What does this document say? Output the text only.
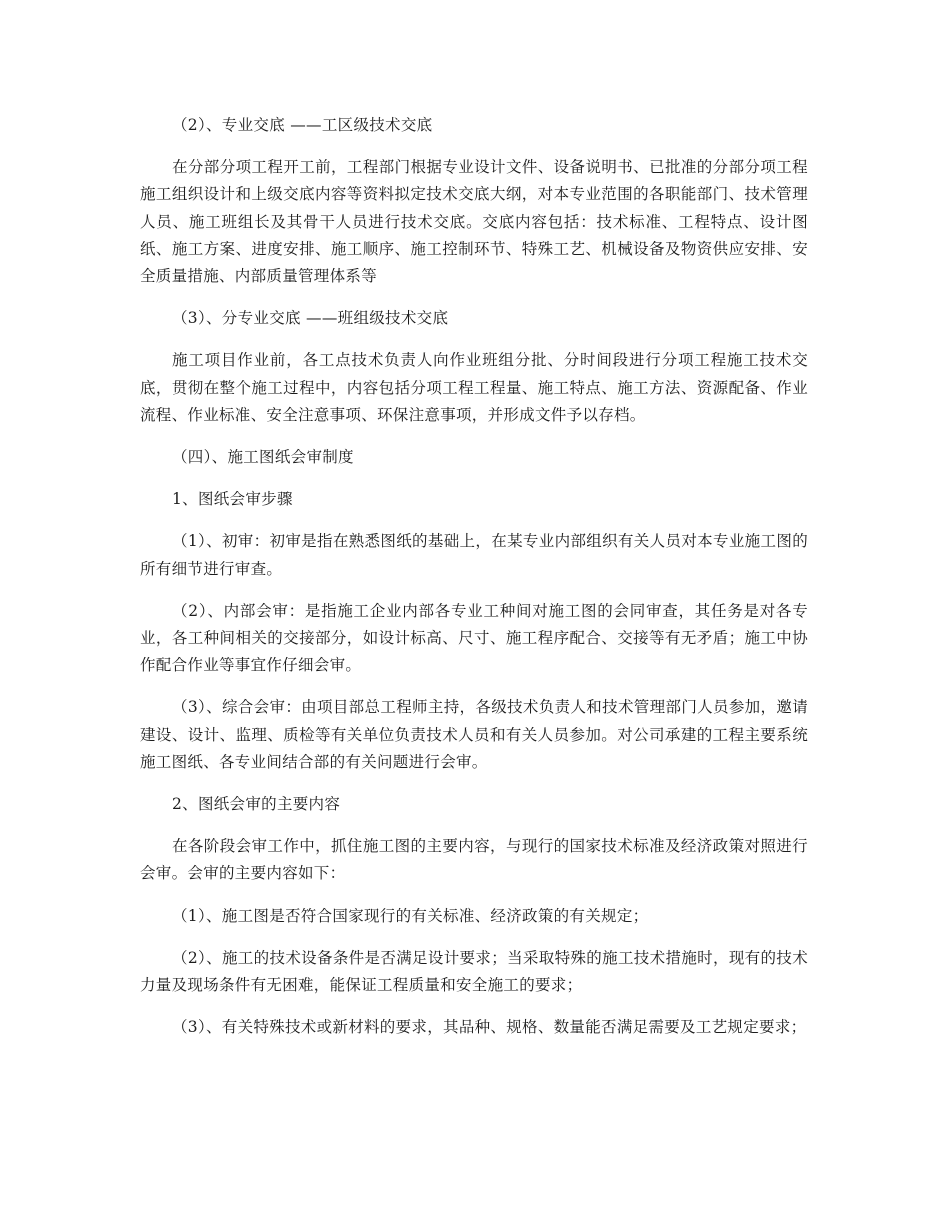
（2）、专业交底 ——工区级技术交底

在分部分项工程开工前，工程部门根据专业设计文件、设备说明书、已批准的分部分项工程施工组织设计和上级交底内容等资料拟定技术交底大纲，对本专业范围的各职能部门、技术管理人员、施工班组长及其骨干人员进行技术交底。交底内容包括：技术标准、工程特点、设计图纸、施工方案、进度安排、施工顺序、施工控制环节、特殊工艺、机械设备及物资供应安排、安全质量措施、内部质量管理体系等

（3）、分专业交底 ——班组级技术交底

施工项目作业前，各工点技术负责人向作业班组分批、分时间段进行分项工程施工技术交底，贯彻在整个施工过程中，内容包括分项工程工程量、施工特点、施工方法、资源配备、作业流程、作业标准、安全注意事项、环保注意事项，并形成文件予以存档。

（四）、施工图纸会审制度

1、图纸会审步骤

（1）、初审：初审是指在熟悉图纸的基础上，在某专业内部组织有关人员对本专业施工图的所有细节进行审查。

（2）、内部会审：是指施工企业内部各专业工种间对施工图的会同审查，其任务是对各专业，各工种间相关的交接部分，如设计标高、尺寸、施工程序配合、交接等有无矛盾；施工中协作配合作业等事宜作仔细会审。

（3）、综合会审：由项目部总工程师主持，各级技术负责人和技术管理部门人员参加，邀请建设、设计、监理、质检等有关单位负责技术人员和有关人员参加。对公司承建的工程主要系统施工图纸、各专业间结合部的有关问题进行会审。

2、图纸会审的主要内容

在各阶段会审工作中，抓住施工图的主要内容，与现行的国家技术标准及经济政策对照进行会审。会审的主要内容如下：

（1）、施工图是否符合国家现行的有关标准、经济政策的有关规定；

（2）、施工的技术设备条件是否满足设计要求；当采取特殊的施工技术措施时，现有的技术力量及现场条件有无困难，能保证工程质量和安全施工的要求；

（3）、有关特殊技术或新材料的要求，其品种、规格、数量能否满足需要及工艺规定要求；
